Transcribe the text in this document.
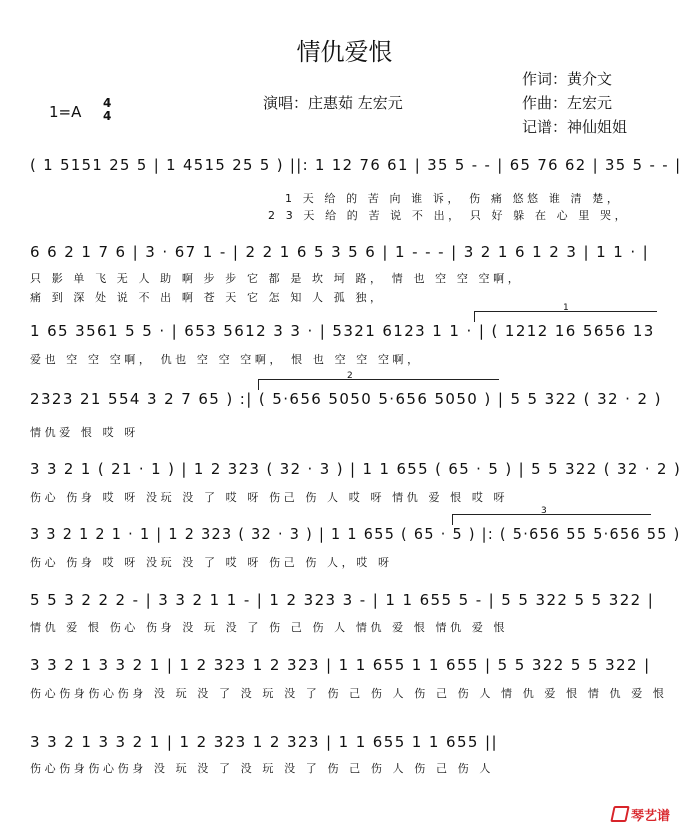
情仇爱恨
1=A 4
4
演唱：庄惠茹 左宏元
作词：黄介文
作曲：左宏元
记谱：神仙姐姐
( 1 5151 25 5 | 1 4515 25 5 ) ||: 1 12 76 61 | 35 5 - - | 65 76 62 | 35 5 - - |
1 天 给 的 苦 向 谁 诉， 伤 痛 悠悠 谁 清 楚，
2 3 天 给 的 苦 说 不 出， 只 好 躲 在 心 里 哭，
6 6 2 1 7 6 | 3 · 67 1 - | 2 2 1 6 5 3 5 6 | 1 - - - | 3 2 1 6 1 2 3 | 1 1 · |
只 影 单 飞 无 人 助 啊 步 步 它 都 是 坎 坷 路， 情 也 空 空 空啊，
痛 到 深 处 说 不 出 啊 苍 天 它 怎 知 人 孤 独，
1
1 65 3561 5 5 · | 653 5612 3 3 · | 5321 6123 1 1 · | ( 1212 16 5656 13
爱也 空 空 空啊， 仇也 空 空 空啊， 恨 也 空 空 空啊，
2
2323 21 554 3 2 7 65 ) :| ( 5·656 5050 5·656 5050 ) | 5 5 322 ( 32 · 2 )
情仇爱 恨 哎 呀
3 3 2 1 ( 21 · 1 ) | 1 2 323 ( 32 · 3 ) | 1 1 655 ( 65 · 5 ) | 5 5 322 ( 32 · 2 )
伤心 伤身 哎 呀 没玩 没 了 哎 呀 伤己 伤 人 哎 呀 情仇 爱 恨 哎 呀
3
3 3 2 1 2 1 · 1 | 1 2 323 ( 32 · 3 ) | 1 1 655 ( 65 · 5 ) |: ( 5·656 55 5·656 55 )
伤心 伤身 哎 呀 没玩 没 了 哎 呀 伤己 伤 人，哎 呀
5 5 3 2 2 2 - | 3 3 2 1 1 - | 1 2 323 3 - | 1 1 655 5 - | 5 5 322 5 5 322 |
情仇 爱 恨 伤心 伤身 没 玩 没 了 伤 己 伤 人 情仇 爱 恨 情仇 爱 恨
3 3 2 1 3 3 2 1 | 1 2 323 1 2 323 | 1 1 655 1 1 655 | 5 5 322 5 5 322 |
伤心伤身伤心伤身 没 玩 没 了 没 玩 没 了 伤 己 伤 人 伤 己 伤 人 情 仇 爱 恨 情 仇 爱 恨
3 3 2 1 3 3 2 1 | 1 2 323 1 2 323 | 1 1 655 1 1 655 ||
伤心伤身伤心伤身 没 玩 没 了 没 玩 没 了 伤 己 伤 人 伤 己 伤 人
琴艺谱
